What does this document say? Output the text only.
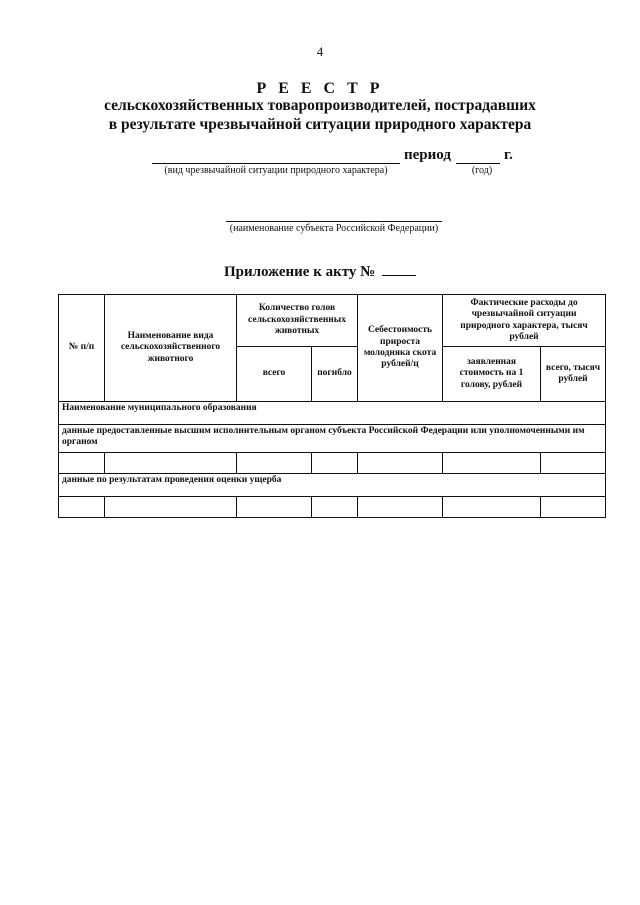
4
Р Е Е С Т Р
сельскохозяйственных товаропроизводителей, пострадавших
в результате чрезвычайной ситуации природного характера
(вид чрезвычайной ситуации природного характера)
период	г.
(год)
(наименование субъекта Российской Федерации)
Приложение к акту №
№ п/п	Наименование вида сельскохозяйственного животного	Количество голов сельскохозяйственных животных		Себестоимость прироста молодняка скота рублей/ц	Фактические расходы до чрезвычайной ситуации природного характера, тысяч рублей	
		всего	погибло		заявленная стоимость на 1 голову, рублей	всего, тысяч рублей
Наименование муниципального образования						
данные предоставленные высшим исполнительным органом субъекта Российской Федерации или уполномоченными им органом						

данные по результатам проведения оценки ущерба						
